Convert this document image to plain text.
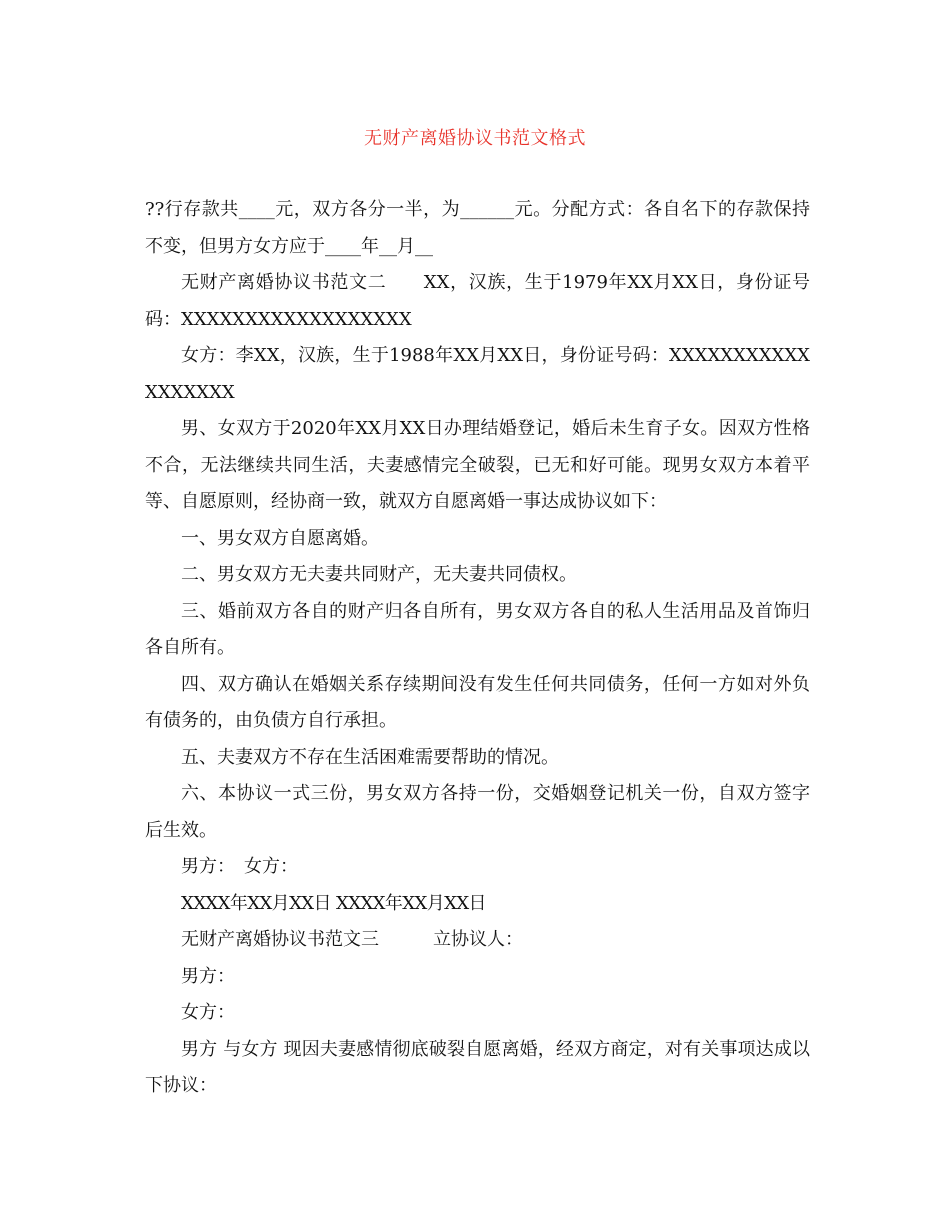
无财产离婚协议书范文格式

??行存款共____元，双方各分一半，为______元。分配方式：各自名下的存款保持不变，但男方女方应于____年__月__

无财产离婚协议书范文二　　XX，汉族，生于1979年XX月XX日，身份证号码：XXXXXXXXXXXXXXXXXX

女方：李XX，汉族，生于1988年XX月XX日，身份证号码：XXXXXXXXXXXXXXXXXX

男、女双方于2020年XX月XX日办理结婚登记，婚后未生育子女。因双方性格不合，无法继续共同生活，夫妻感情完全破裂，已无和好可能。现男女双方本着平等、自愿原则，经协商一致，就双方自愿离婚一事达成协议如下：

一、男女双方自愿离婚。

二、男女双方无夫妻共同财产，无夫妻共同债权。

三、婚前双方各自的财产归各自所有，男女双方各自的私人生活用品及首饰归各自所有。

四、双方确认在婚姻关系存续期间没有发生任何共同债务，任何一方如对外负有债务的，由负债方自行承担。

五、夫妻双方不存在生活困难需要帮助的情况。

六、本协议一式三份，男女双方各持一份，交婚姻登记机关一份，自双方签字后生效。

男方：　女方：

XXXX年XX月XX日 XXXX年XX月XX日

无财产离婚协议书范文三　　　立协议人：

男方：

女方：

男方 与女方 现因夫妻感情彻底破裂自愿离婚，经双方商定，对有关事项达成以下协议：
